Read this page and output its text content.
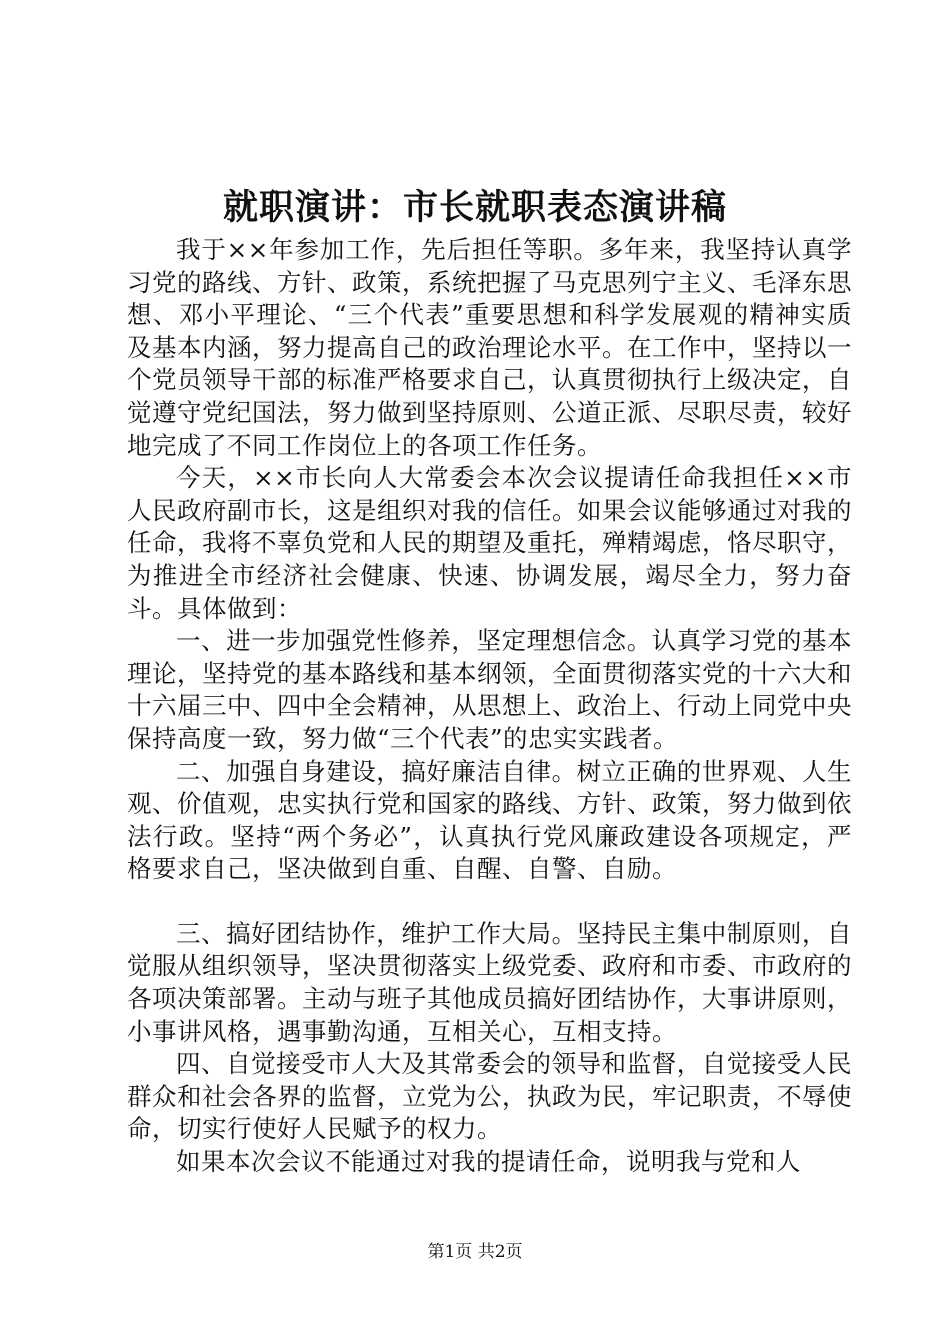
就职演讲：市长就职表态演讲稿

我于××年参加工作，先后担任等职。多年来，我坚持认真学习党的路线、方针、政策，系统把握了马克思列宁主义、毛泽东思想、邓小平理论、“三个代表”重要思想和科学发展观的精神实质及基本内涵，努力提高自己的政治理论水平。在工作中，坚持以一个党员领导干部的标准严格要求自己，认真贯彻执行上级决定，自觉遵守党纪国法，努力做到坚持原则、公道正派、尽职尽责，较好地完成了不同工作岗位上的各项工作任务。

今天，××市长向人大常委会本次会议提请任命我担任××市人民政府副市长，这是组织对我的信任。如果会议能够通过对我的任命，我将不辜负党和人民的期望及重托，殚精竭虑，恪尽职守，为推进全市经济社会健康、快速、协调发展，竭尽全力，努力奋斗。具体做到：

一、进一步加强党性修养，坚定理想信念。认真学习党的基本理论，坚持党的基本路线和基本纲领，全面贯彻落实党的十六大和十六届三中、四中全会精神，从思想上、政治上、行动上同党中央保持高度一致，努力做“三个代表”的忠实实践者。

二、加强自身建设，搞好廉洁自律。树立正确的世界观、人生观、价值观，忠实执行党和国家的路线、方针、政策，努力做到依法行政。坚持“两个务必”，认真执行党风廉政建设各项规定，严格要求自己，坚决做到自重、自醒、自警、自励。

三、搞好团结协作，维护工作大局。坚持民主集中制原则，自觉服从组织领导，坚决贯彻落实上级党委、政府和市委、市政府的各项决策部署。主动与班子其他成员搞好团结协作，大事讲原则，小事讲风格，遇事勤沟通，互相关心，互相支持。

四、自觉接受市人大及其常委会的领导和监督，自觉接受人民群众和社会各界的监督，立党为公，执政为民，牢记职责，不辱使命，切实行使好人民赋予的权力。

如果本次会议不能通过对我的提请任命，说明我与党和人

第1页 共2页
